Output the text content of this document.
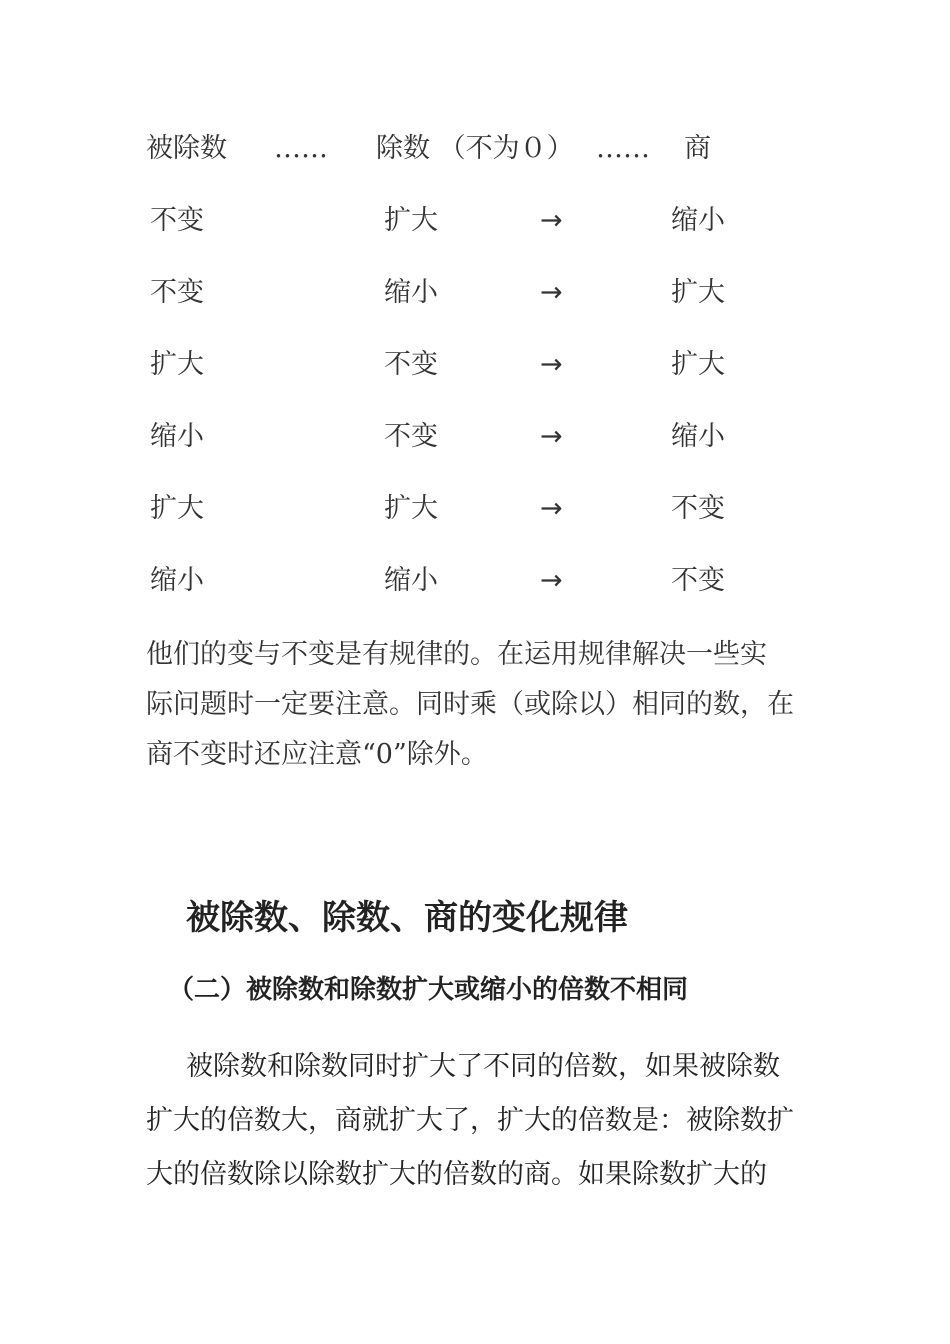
被除数 …… 除数 （不为０） …… 商
不变	扩大	→	缩小
不变	缩小	→	扩大
扩大	不变	→	扩大
缩小	不变	→	缩小
扩大	扩大	→	不变
缩小	缩小	→	不变

他们的变与不变是有规律的。在运用规律解决一些实
际问题时一定要注意。同时乘（或除以）相同的数，在
商不变时还应注意“0”除外。

被除数、除数、商的变化规律
（二）被除数和除数扩大或缩小的倍数不相同

被除数和除数同时扩大了不同的倍数，如果被除数
扩大的倍数大，商就扩大了，扩大的倍数是：被除数扩
大的倍数除以除数扩大的倍数的商。如果除数扩大的
